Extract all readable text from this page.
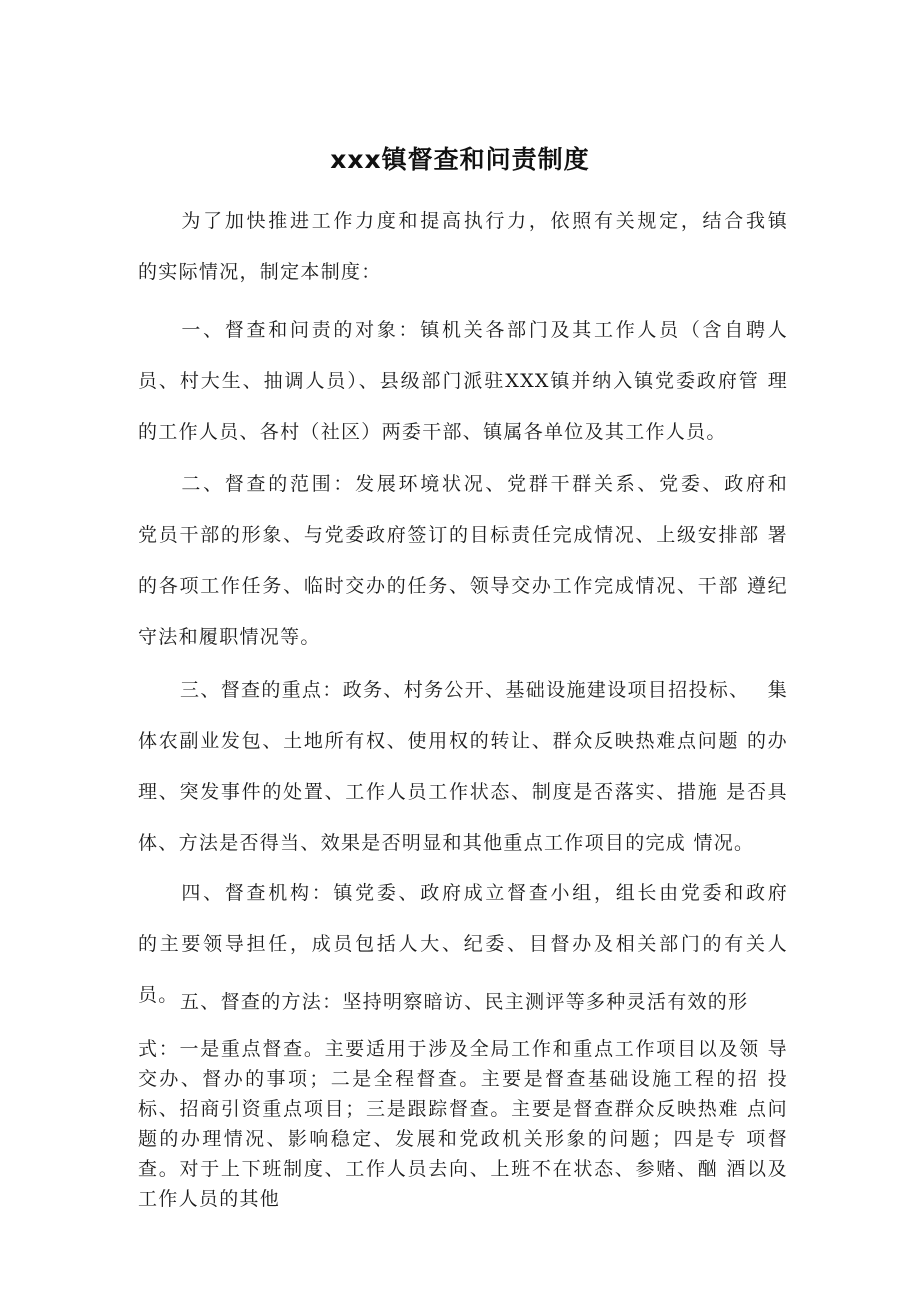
xxx镇督查和问责制度
为了加快推进工作力度和提高执行力，依照有关规定，结合我镇　 的实际情况，制定本制度：
一、督查和问责的对象：镇机关各部门及其工作人员（含自聘人　员、村大生、抽调人员）、县级部门派驻XXX镇并纳入镇党委政府管 理的工作人员、各村（社区）两委干部、镇属各单位及其工作人员。
二、督查的范围：发展环境状况、党群干群关系、党委、政府和　 党员干部的形象、与党委政府签订的目标责任完成情况、上级安排部 署的各项工作任务、临时交办的任务、领导交办工作完成情况、干部 遵纪守法和履职情况等。
三、督查的重点：政务、村务公开、基础设施建设项目招投标、　 集体农副业发包、土地所有权、使用权的转让、群众反映热难点问题 的办理、突发事件的处置、工作人员工作状态、制度是否落实、措施 是否具体、方法是否得当、效果是否明显和其他重点工作项目的完成 情况。
四、督查机构：镇党委、政府成立督查小组，组长由党委和政府　 的主要领导担任，成员包括人大、纪委、目督办及相关部门的有关人 员。 五、督查的方法：坚持明察暗访、民主测评等多种灵活有效的形
式：一是重点督查。主要适用于涉及全局工作和重点工作项目以及领 导交办、督办的事项；二是全程督查。主要是督查基础设施工程的招 投标、招商引资重点项目；三是跟踪督查。主要是督查群众反映热难 点问题的办理情况、影响稳定、发展和党政机关形象的问题；四是专 项督查。对于上下班制度、工作人员去向、上班不在状态、参赌、酗 酒以及工作人员的其他
